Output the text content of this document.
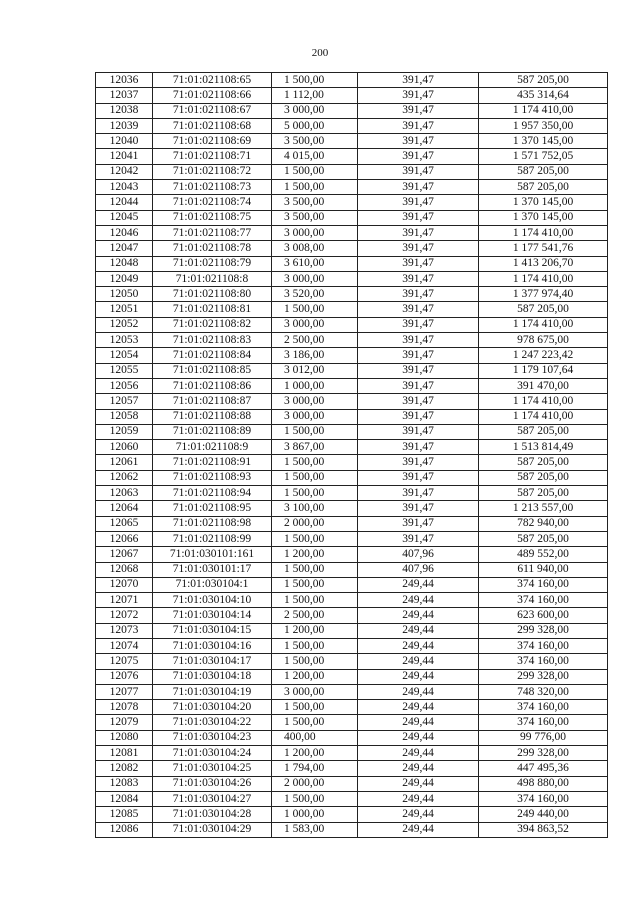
200
12036	71:01:021108:65	1 500,00	391,47	587 205,00
12037	71:01:021108:66	1 112,00	391,47	435 314,64
12038	71:01:021108:67	3 000,00	391,47	1 174 410,00
12039	71:01:021108:68	5 000,00	391,47	1 957 350,00
12040	71:01:021108:69	3 500,00	391,47	1 370 145,00
12041	71:01:021108:71	4 015,00	391,47	1 571 752,05
12042	71:01:021108:72	1 500,00	391,47	587 205,00
12043	71:01:021108:73	1 500,00	391,47	587 205,00
12044	71:01:021108:74	3 500,00	391,47	1 370 145,00
12045	71:01:021108:75	3 500,00	391,47	1 370 145,00
12046	71:01:021108:77	3 000,00	391,47	1 174 410,00
12047	71:01:021108:78	3 008,00	391,47	1 177 541,76
12048	71:01:021108:79	3 610,00	391,47	1 413 206,70
12049	71:01:021108:8	3 000,00	391,47	1 174 410,00
12050	71:01:021108:80	3 520,00	391,47	1 377 974,40
12051	71:01:021108:81	1 500,00	391,47	587 205,00
12052	71:01:021108:82	3 000,00	391,47	1 174 410,00
12053	71:01:021108:83	2 500,00	391,47	978 675,00
12054	71:01:021108:84	3 186,00	391,47	1 247 223,42
12055	71:01:021108:85	3 012,00	391,47	1 179 107,64
12056	71:01:021108:86	1 000,00	391,47	391 470,00
12057	71:01:021108:87	3 000,00	391,47	1 174 410,00
12058	71:01:021108:88	3 000,00	391,47	1 174 410,00
12059	71:01:021108:89	1 500,00	391,47	587 205,00
12060	71:01:021108:9	3 867,00	391,47	1 513 814,49
12061	71:01:021108:91	1 500,00	391,47	587 205,00
12062	71:01:021108:93	1 500,00	391,47	587 205,00
12063	71:01:021108:94	1 500,00	391,47	587 205,00
12064	71:01:021108:95	3 100,00	391,47	1 213 557,00
12065	71:01:021108:98	2 000,00	391,47	782 940,00
12066	71:01:021108:99	1 500,00	391,47	587 205,00
12067	71:01:030101:161	1 200,00	407,96	489 552,00
12068	71:01:030101:17	1 500,00	407,96	611 940,00
12070	71:01:030104:1	1 500,00	249,44	374 160,00
12071	71:01:030104:10	1 500,00	249,44	374 160,00
12072	71:01:030104:14	2 500,00	249,44	623 600,00
12073	71:01:030104:15	1 200,00	249,44	299 328,00
12074	71:01:030104:16	1 500,00	249,44	374 160,00
12075	71:01:030104:17	1 500,00	249,44	374 160,00
12076	71:01:030104:18	1 200,00	249,44	299 328,00
12077	71:01:030104:19	3 000,00	249,44	748 320,00
12078	71:01:030104:20	1 500,00	249,44	374 160,00
12079	71:01:030104:22	1 500,00	249,44	374 160,00
12080	71:01:030104:23	400,00	249,44	99 776,00
12081	71:01:030104:24	1 200,00	249,44	299 328,00
12082	71:01:030104:25	1 794,00	249,44	447 495,36
12083	71:01:030104:26	2 000,00	249,44	498 880,00
12084	71:01:030104:27	1 500,00	249,44	374 160,00
12085	71:01:030104:28	1 000,00	249,44	249 440,00
12086	71:01:030104:29	1 583,00	249,44	394 863,52
